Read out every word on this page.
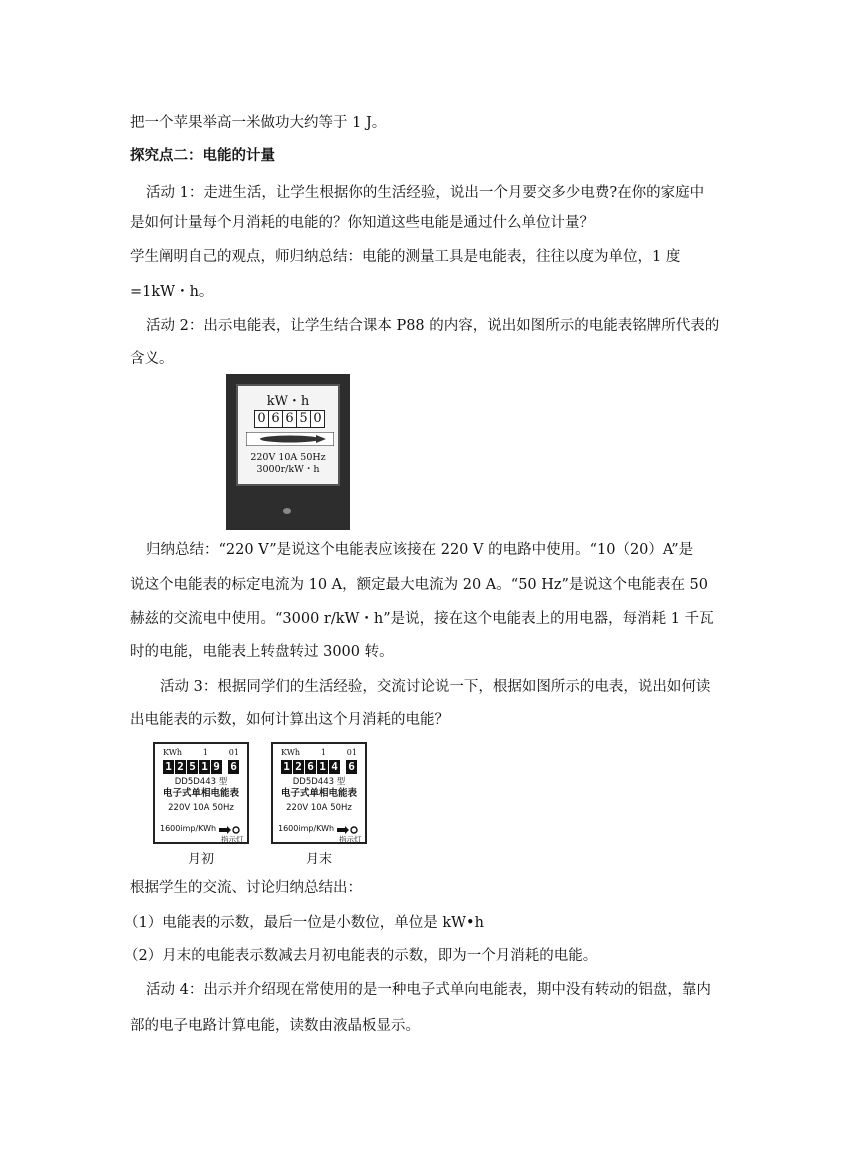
把一个苹果举高一米做功大约等于 1 J。
探究点二：电能的计量
活动 1：走进生活，让学生根据你的生活经验，说出一个月要交多少电费?在你的家庭中
是如何计量每个月消耗的电能的？你知道这些电能是通过什么单位计量？
学生阐明自己的观点，师归纳总结：电能的测量工具是电能表，往往以度为单位，1 度
=1kW・h。
活动 2：出示电能表，让学生结合课本 P88 的内容，说出如图所示的电能表铭牌所代表的
含义。
kW・h
0 6 6 5 0
220V 10A 50Hz
3000r/kW・h
归纳总结：“220 V”是说这个电能表应该接在 220 V 的电路中使用。“10（20）A”是
说这个电能表的标定电流为 10 A，额定最大电流为 20 A。“50 Hz”是说这个电能表在 50
赫兹的交流电中使用。“3000 r/kW・h”是说，接在这个电能表上的用电器，每消耗 1 千瓦
时的电能，电能表上转盘转过 3000 转。
活动 3：根据同学们的生活经验，交流讨论说一下，根据如图所示的电表，说出如何读
出电能表的示数，如何计算出这个月消耗的电能？
KWh	1	01
1 2 5 1 9 6
DD5D443 型
电子式单相电能表
220V 10A 50Hz
1600imp/KWh
指示灯
月初
KWh	1	01
1 2 6 1 4 6
DD5D443 型
电子式单相电能表
220V 10A 50Hz
1600imp/KWh
指示灯
月末
根据学生的交流、讨论归纳总结出：
（1）电能表的示数，最后一位是小数位，单位是 kW•h
（2）月末的电能表示数减去月初电能表的示数，即为一个月消耗的电能。
活动 4：出示并介绍现在常使用的是一种电子式单向电能表，期中没有转动的铝盘，靠内
部的电子电路计算电能，读数由液晶板显示。
